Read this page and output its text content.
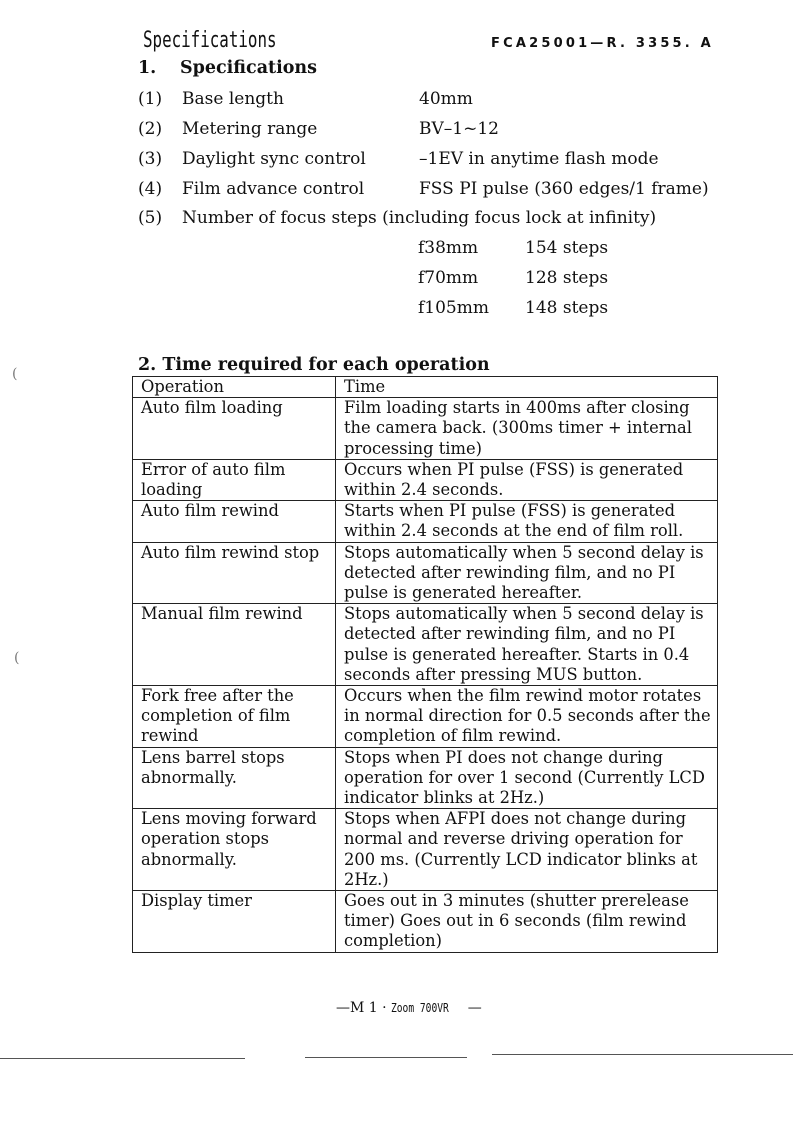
Specifications	FCA25001—R. 3355. A
1. Specifications
(1) Base length	40mm
(2) Metering range	BV–1~12
(3) Daylight sync control	–1EV in anytime flash mode
(4) Film advance control	FSS PI pulse (360 edges/1 frame)
(5) Number of focus steps (including focus lock at infinity)
f38mm	154 steps
f70mm	128 steps
f105mm 148 steps
2. Time required for each operation
Operation	Time
Auto film loading	Film loading starts in 400ms after closing the camera back. (300ms timer + internal processing time)
Error of auto film loading	Occurs when PI pulse (FSS) is generated within 2.4 seconds.
Auto film rewind	Starts when PI pulse (FSS) is generated within 2.4 seconds at the end of film roll.
Auto film rewind stop	Stops automatically when 5 second delay is detected after rewinding film, and no PI pulse is generated hereafter.
Manual film rewind	Stops automatically when 5 second delay is detected after rewinding film, and no PI pulse is generated hereafter. Starts in 0.4 seconds after pressing MUS button.
Fork free after the completion of film rewind	Occurs when the film rewind motor rotates in normal direction for 0.5 seconds after the completion of film rewind.
Lens barrel stops abnormally.	Stops when PI does not change during operation for over 1 second (Currently LCD indicator blinks at 2Hz.)
Lens moving forward operation stops abnormally.	Stops when AFPI does not change during normal and reverse driving operation for 200 ms. (Currently LCD indicator blinks at 2Hz.)
Display timer	Goes out in 3 minutes (shutter prerelease timer) Goes out in 6 seconds (film rewind completion)
—M 1 · Zoom 700VR —
(
(
